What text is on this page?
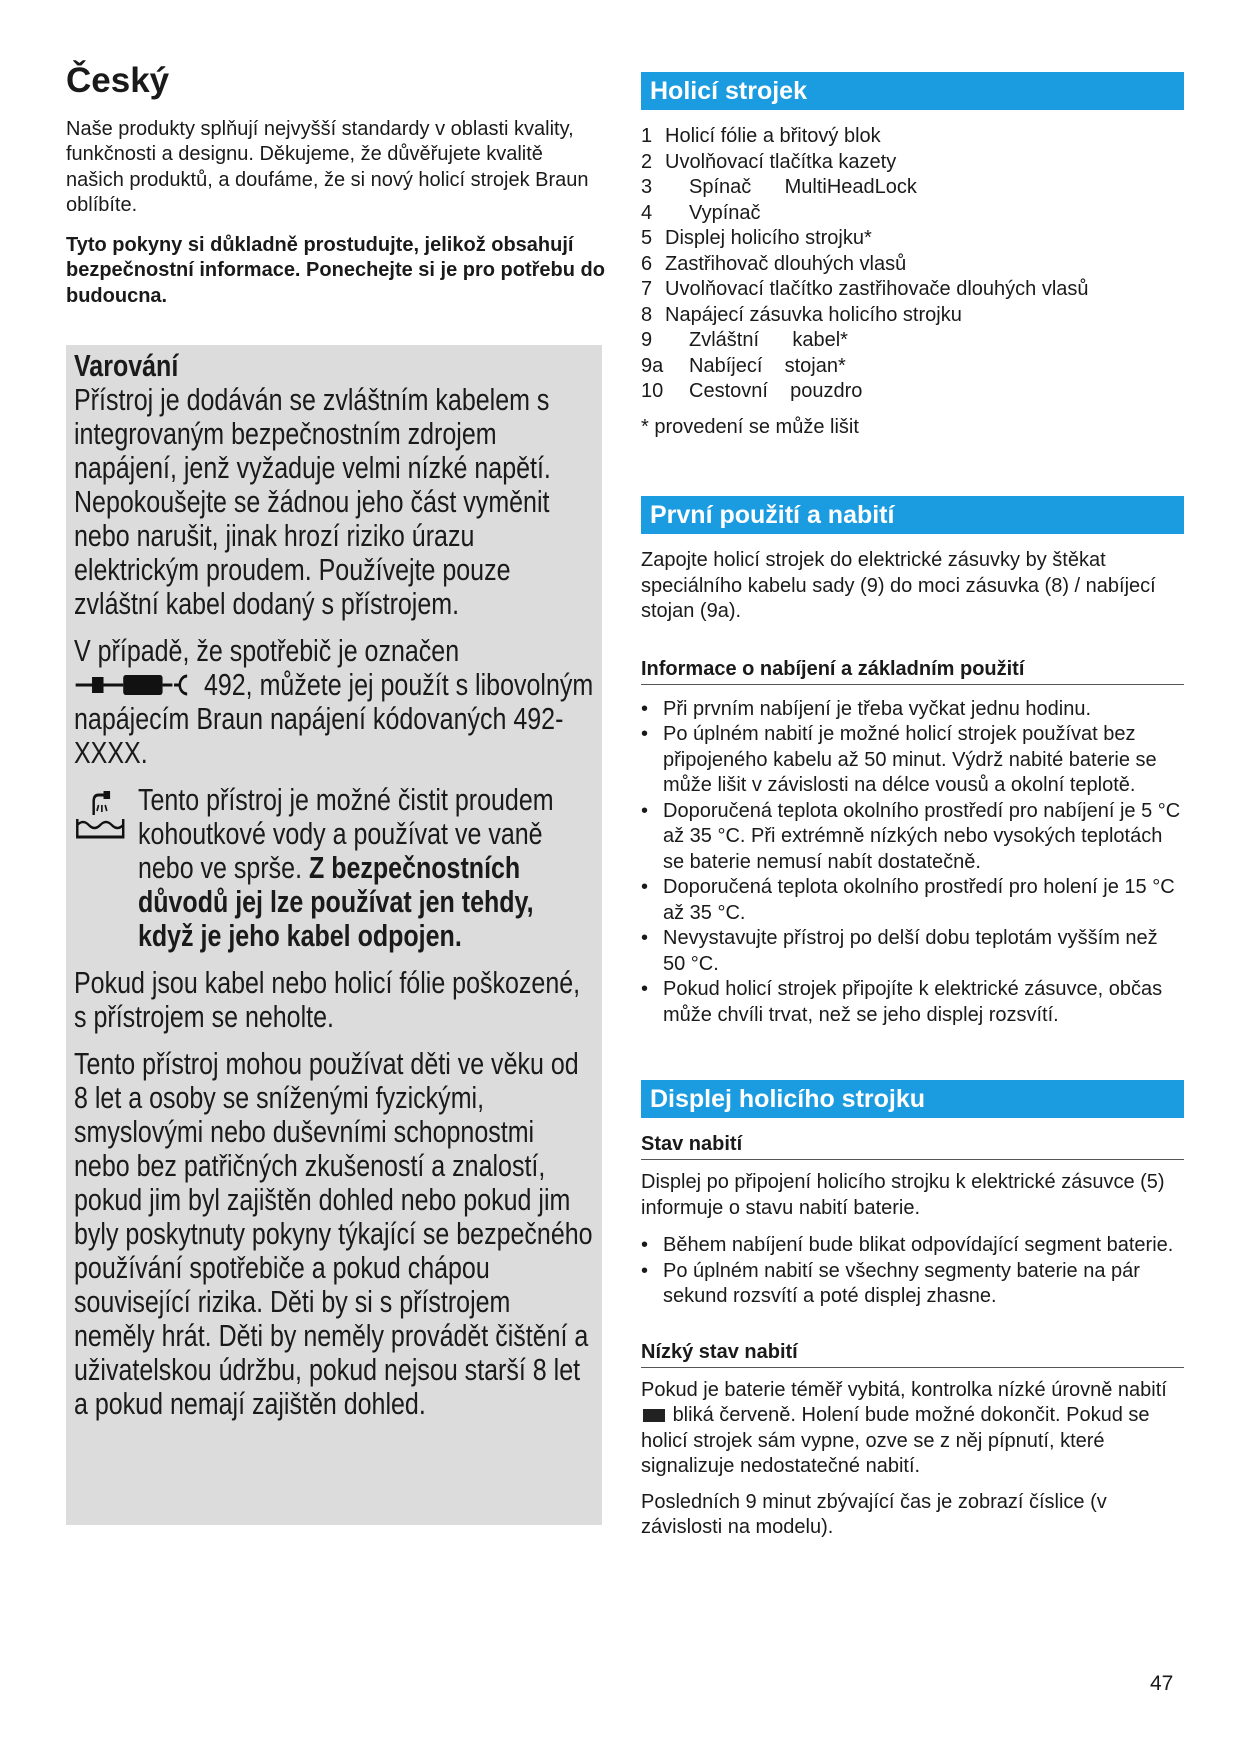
Český

Naše produkty splňují nejvyšší standardy v oblasti kvality, funkčnosti a designu. Děkujeme, že důvěřujete kvalitě našich produktů, a doufáme, že si nový holicí strojek Braun oblíbíte.

Tyto pokyny si důkladně prostudujte, jelikož obsahují bezpečnostní informace. Ponechejte si je pro potřebu do budoucna.

Varování

Přístroj je dodáván se zvláštním kabelem s integrovaným bezpečnostním zdrojem napájení, jenž vyžaduje velmi nízké napětí. Nepokoušejte se žádnou jeho část vyměnit nebo narušit, jinak hrozí riziko úrazu elektrickým proudem. Používejte pouze zvláštní kabel dodaný s přístrojem.

V případě, že spotřebič je označen
492, můžete jej použít s libovolným napájecím Braun napájení kódovaných 492-XXXX.

Tento přístroj je možné čistit proudem kohoutkové vody a používat ve vaně nebo ve sprše. Z bezpečnostních důvodů jej lze používat jen tehdy, když je jeho kabel odpojen.

Pokud jsou kabel nebo holicí fólie poškozené, s přístrojem se neholte.

Tento přístroj mohou používat děti ve věku od 8 let a osoby se sníženými fyzickými, smyslovými nebo duševními schopnostmi nebo bez patřičných zkušeností a znalostí, pokud jim byl zajištěn dohled nebo pokud jim byly poskytnuty pokyny týkající se bezpečného používání spotřebiče a pokud chápou související rizika. Děti by si s přístrojem neměly hrát. Děti by neměly provádět čištění a uživatelskou údržbu, pokud nejsou starší 8 let a pokud nemají zajištěn dohled.

Holicí strojek
1 Holicí fólie a břitový blok
2 Uvolňovací tlačítka kazety
3	Spínač      MultiHeadLock
4	Vypínač
5 Displej holicího strojku*
6 Zastřihovač dlouhých vlasů
7 Uvolňovací tlačítko zastřihovače dlouhých vlasů
8 Napájecí zásuvka holicího strojku
9	Zvláštní      kabel*
9a	Nabíjecí    stojan*
10	Cestovní    pouzdro

* provedení se může lišit

První použití a nabití

Zapojte holicí strojek do elektrické zásuvky by štěkat speciálního kabelu sady (9) do moci zásuvka (8) / nabíjecí stojan (9a).

Informace o nabíjení a základním použití
• Při prvním nabíjení je třeba vyčkat jednu hodinu.
• Po úplném nabití je možné holicí strojek používat bez připojeného kabelu až 50 minut. Výdrž nabité baterie se může lišit v závislosti na délce vousů a okolní teplotě.
• Doporučená teplota okolního prostředí pro nabíjení je 5 °C až 35 °C. Při extrémně nízkých nebo vysokých teplotách se baterie nemusí nabít dostatečně.
• Doporučená teplota okolního prostředí pro holení je 15 °C až 35 °C.
• Nevystavujte přístroj po delší dobu teplotám vyšším než 50 °C.
• Pokud holicí strojek připojíte k elektrické zásuvce, občas může chvíli trvat, než se jeho displej rozsvítí.
Displej holicího strojku
Stav nabití

Displej po připojení holicího strojku k elektrické zásuvce (5) informuje o stavu nabití baterie.

• Během nabíjení bude blikat odpovídající segment baterie.
• Po úplném nabití se všechny segmenty baterie na pár sekund rozsvítí a poté displej zhasne.
Nízký stav nabití

Pokud je baterie téměř vybitá, kontrolka nízké úrovně nabití  bliká červeně. Holení bude možné dokončit. Pokud se holicí strojek sám vypne, ozve se z něj pípnutí, které signalizuje nedostatečné nabití.

Posledních 9 minut zbývající čas je zobrazí číslice (v závislosti na modelu).

47
